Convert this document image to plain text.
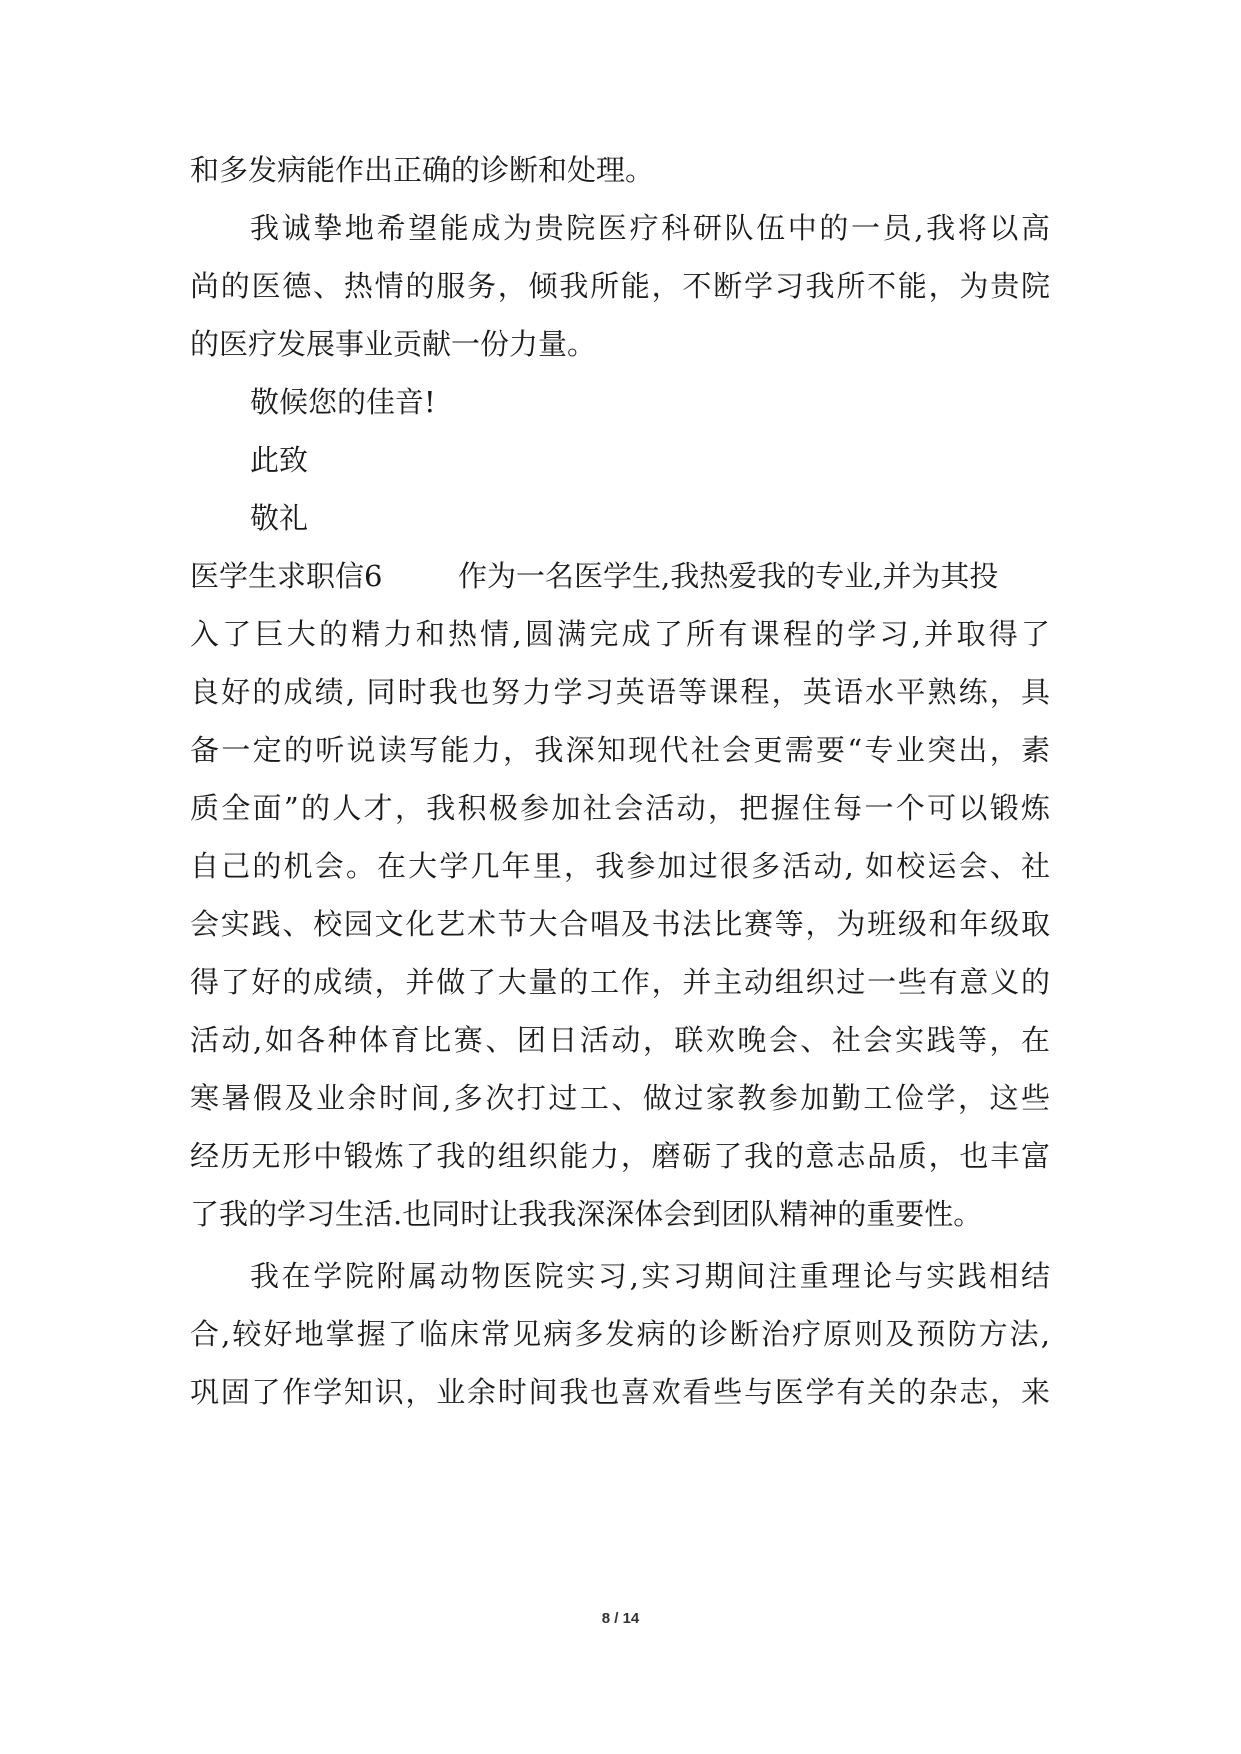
和多发病能作出正确的诊断和处理。
我诚挚地希望能成为贵院医疗科研队伍中的一员,我将以高
尚的医德、热情的服务，倾我所能，不断学习我所不能，为贵院
的医疗发展事业贡献一份力量。
敬候您的佳音!
此致
敬礼
医学生求职信6	作为一名医学生,我热爱我的专业,并为其投
入了巨大的精力和热情,圆满完成了所有课程的学习,并取得了
良好的成绩, 同时我也努力学习英语等课程，英语水平熟练，具
备一定的听说读写能力，我深知现代社会更需要“专业突出，素
质全面”的人才，我积极参加社会活动，把握住每一个可以锻炼
自己的机会。在大学几年里，我参加过很多活动, 如校运会、社
会实践、校园文化艺术节大合唱及书法比赛等，为班级和年级取
得了好的成绩，并做了大量的工作，并主动组织过一些有意义的
活动,如各种体育比赛、团日活动，联欢晚会、社会实践等，在
寒暑假及业余时间,多次打过工、做过家教参加勤工俭学，这些
经历无形中锻炼了我的组织能力，磨砺了我的意志品质，也丰富
了我的学习生活.也同时让我我深深体会到团队精神的重要性。
我在学院附属动物医院实习,实习期间注重理论与实践相结
合,较好地掌握了临床常见病多发病的诊断治疗原则及预防方法,
巩固了作学知识，业余时间我也喜欢看些与医学有关的杂志，来
8 / 14
